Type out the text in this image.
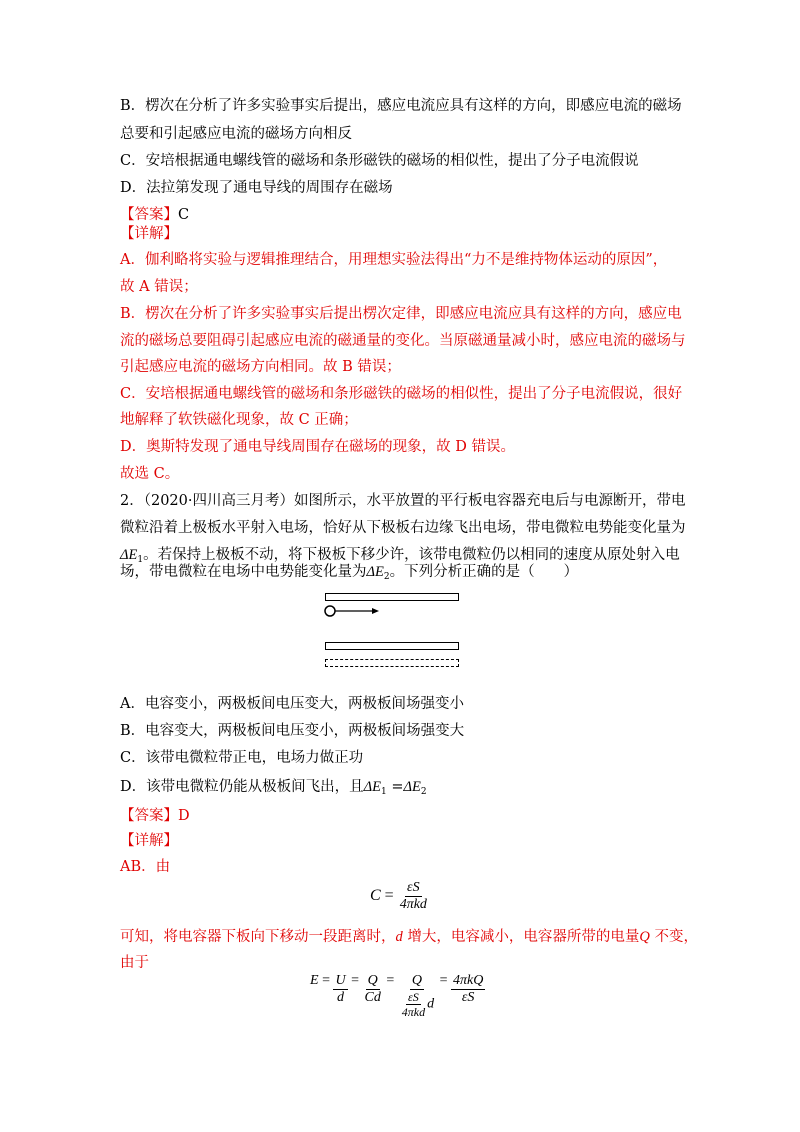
B．楞次在分析了许多实验事实后提出，感应电流应具有这样的方向，即感应电流的磁场
总要和引起感应电流的磁场方向相反
C．安培根据通电螺线管的磁场和条形磁铁的磁场的相似性，提出了分子电流假说
D．法拉第发现了通电导线的周围存在磁场
【答案】C
【详解】
A．伽利略将实验与逻辑推理结合，用理想实验法得出“力不是维持物体运动的原因”，
故 A 错误；
B．楞次在分析了许多实验事实后提出楞次定律，即感应电流应具有这样的方向，感应电
流的磁场总要阻碍引起感应电流的磁通量的变化。当原磁通量减小时，感应电流的磁场与
引起感应电流的磁场方向相同。故 B 错误；
C．安培根据通电螺线管的磁场和条形磁铁的磁场的相似性，提出了分子电流假说，很好
地解释了软铁磁化现象，故 C 正确；
D．奥斯特发现了通电导线周围存在磁场的现象，故 D 错误。
故选 C。
2．（2020·四川高三月考）如图所示，水平放置的平行板电容器充电后与电源断开，带电
微粒沿着上极板水平射入电场，恰好从下极板右边缘飞出电场，带电微粒电势能变化量为
$\Delta E_1$。若保持上极板不动，将下极板下移少许，该带电微粒仍以相同的速度从原处射入电
场，带电微粒在电场中电势能变化量为$\Delta E_2$。下列分析正确的是（　　）
A．电容变小，两极板间电压变大，两极板间场强变小
B．电容变大，两极板间电压变小，两极板间场强变大
C．该带电微粒带正电，电场力做正功
D．该带电微粒仍能从极板间飞出，且$\Delta E_1 =\Delta E_2$
【答案】D
【详解】
AB．由
$C = \frac{\varepsilon S}{\text{4πkd}}$
可知，将电容器下板向下移动一段距离时，d 增大，电容减小，电容器所带的电量Q 不变，
由于
$E = \frac{U}{d} = \frac{Q}{Cd} = \frac{Q}{\frac{\varepsilon S}{\text{4πkd}} d} = \frac{\text{4πkQ}}{\varepsilon S}$
